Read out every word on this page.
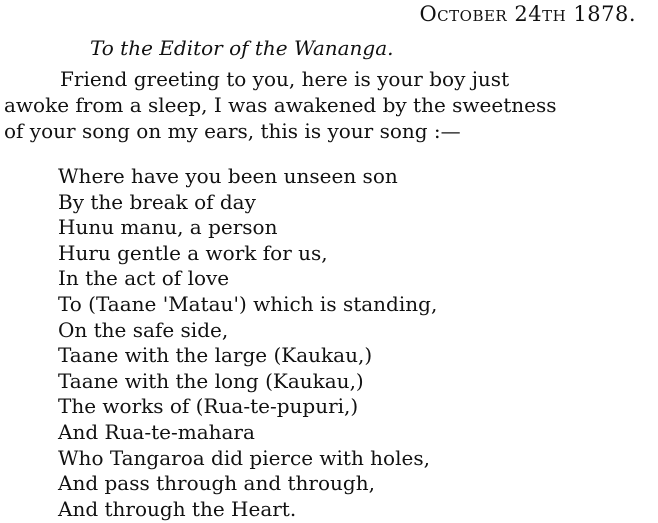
October 24th 1878.
To the Editor of the Wananga.
Friend greeting to you, here is your boy just
awoke from a sleep, I was awakened by the sweetness
of your song on my ears, this is your song :—
Where have you been unseen son
By the break of day
Hunu manu, a person
Huru gentle a work for us,
In the act of love
To (Taane 'Matau') which is standing,
On the safe side,
Taane with the large (Kaukau,)
Taane with the long (Kaukau,)
The works of (Rua-te-pupuri,)
And Rua-te-mahara
Who Tangaroa did pierce with holes,
And pass through and through,
And through the Heart.
